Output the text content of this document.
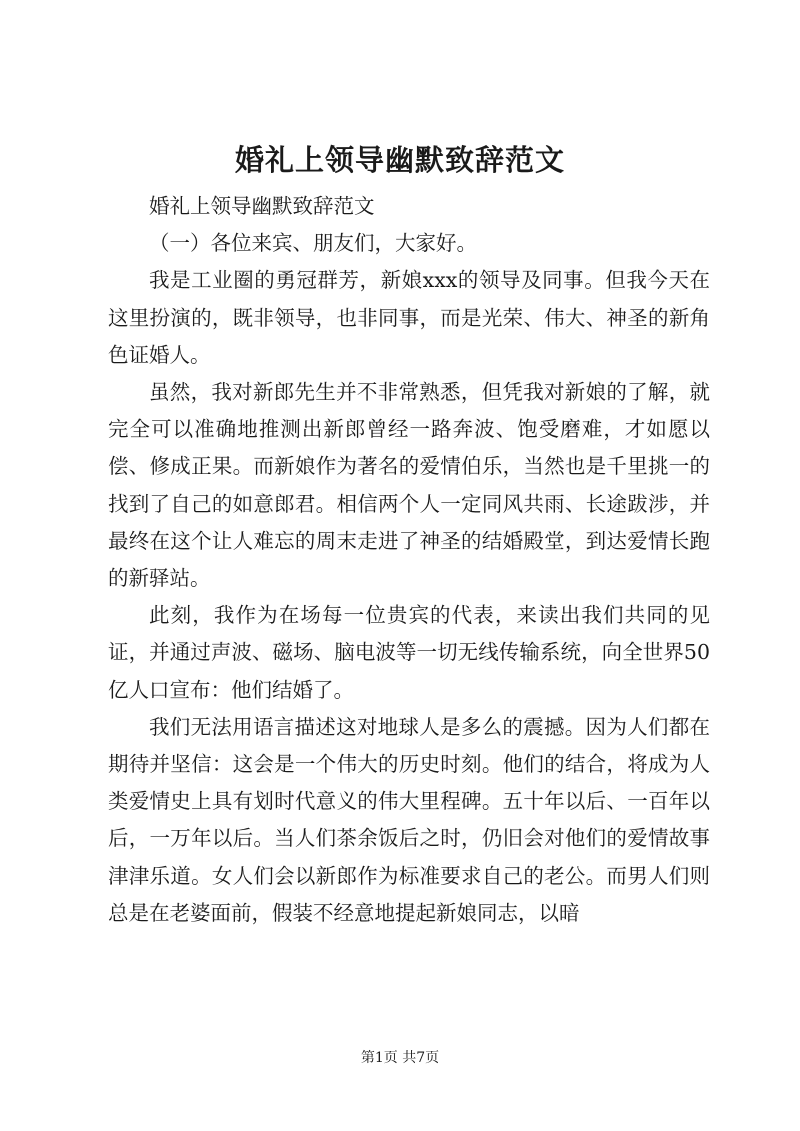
婚礼上领导幽默致辞范文

婚礼上领导幽默致辞范文

（一）各位来宾、朋友们，大家好。

我是工业圈的勇冠群芳，新娘xxx的领导及同事。但我今天在这里扮演的，既非领导，也非同事，而是光荣、伟大、神圣的新角色证婚人。

虽然，我对新郎先生并不非常熟悉，但凭我对新娘的了解，就完全可以准确地推测出新郎曾经一路奔波、饱受磨难，才如愿以偿、修成正果。而新娘作为著名的爱情伯乐，当然也是千里挑一的找到了自己的如意郎君。相信两个人一定同风共雨、长途跋涉，并最终在这个让人难忘的周末走进了神圣的结婚殿堂，到达爱情长跑的新驿站。

此刻，我作为在场每一位贵宾的代表，来读出我们共同的见证，并通过声波、磁场、脑电波等一切无线传输系统，向全世界50亿人口宣布：他们结婚了。

我们无法用语言描述这对地球人是多么的震撼。因为人们都在期待并坚信：这会是一个伟大的历史时刻。他们的结合，将成为人类爱情史上具有划时代意义的伟大里程碑。五十年以后、一百年以后，一万年以后。当人们茶余饭后之时，仍旧会对他们的爱情故事津津乐道。女人们会以新郎作为标准要求自己的老公。而男人们则总是在老婆面前，假装不经意地提起新娘同志，以暗

第1页 共7页
